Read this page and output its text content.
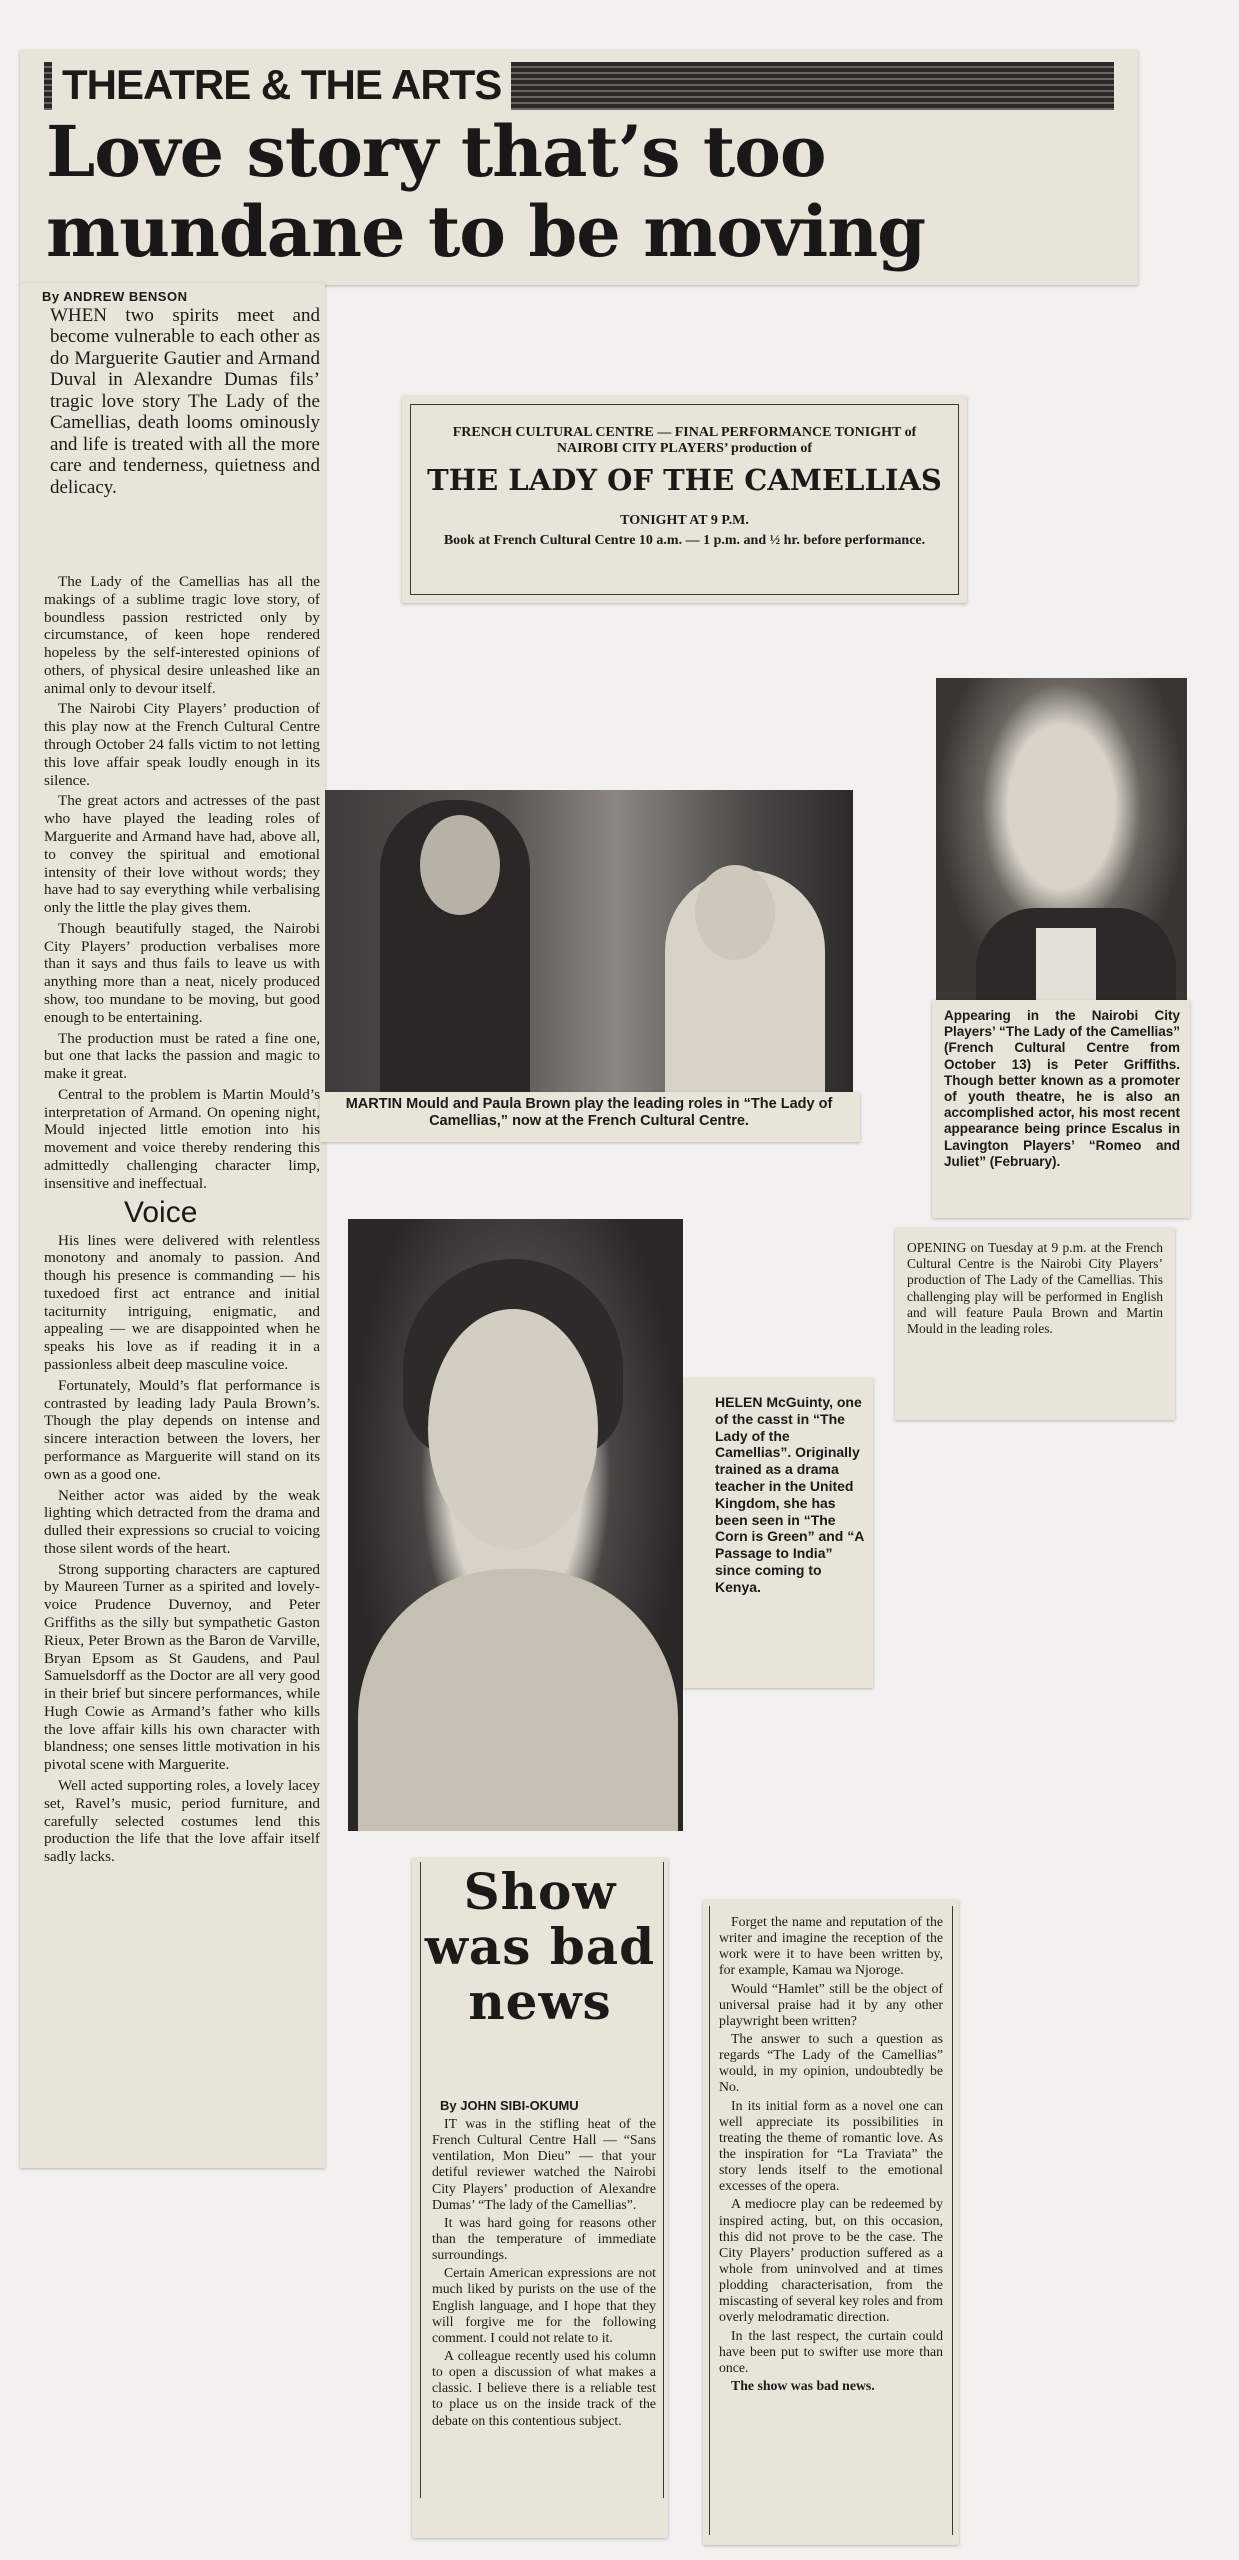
THEATRE & THE ARTS
Love story that’s too mundane to be moving
By ANDREW BENSON
WHEN two spirits meet and become vulnerable to each other as do Marguerite Gautier and Armand Duval in Alexandre Dumas fils’ tragic love story The Lady of the Camellias, death looms ominously and life is treated with all the more care and tenderness, quietness and delicacy.

The Lady of the Camellias has all the makings of a sublime tragic love story, of boundless passion restricted only by circumstance, of keen hope rendered hopeless by the self-interested opinions of others, of physical desire unleashed like an animal only to devour itself.

The Nairobi City Players’ production of this play now at the French Cultural Centre through October 24 falls victim to not letting this love affair speak loudly enough in its silence.

The great actors and actresses of the past who have played the leading roles of Marguerite and Armand have had, above all, to convey the spiritual and emotional intensity of their love without words; they have had to say everything while verbalising only the little the play gives them.

Though beautifully staged, the Nairobi City Players’ production verbalises more than it says and thus fails to leave us with anything more than a neat, nicely produced show, too mundane to be moving, but good enough to be entertaining.

The production must be rated a fine one, but one that lacks the passion and magic to make it great.

Central to the problem is Martin Mould’s interpretation of Armand. On opening night, Mould injected little emotion into his movement and voice thereby rendering this admittedly challenging character limp, insensitive and ineffectual.

Voice

His lines were delivered with relentless monotony and anomaly to passion. And though his presence is commanding — his tuxedoed first act entrance and initial taciturnity intriguing, enigmatic, and appealing — we are disappointed when he speaks his love as if reading it in a passionless albeit deep masculine voice.

Fortunately, Mould’s flat performance is contrasted by leading lady Paula Brown’s. Though the play depends on intense and sincere interaction between the lovers, her performance as Marguerite will stand on its own as a good one.

Neither actor was aided by the weak lighting which detracted from the drama and dulled their expressions so crucial to voicing those silent words of the heart.

Strong supporting characters are captured by Maureen Turner as a spirited and lovely-voice Prudence Duvernoy, and Peter Griffiths as the silly but sympathetic Gaston Rieux, Peter Brown as the Baron de Varville, Bryan Epsom as St Gaudens, and Paul Samuelsdorff as the Doctor are all very good in their brief but sincere performances, while Hugh Cowie as Armand’s father who kills the love affair kills his own character with blandness; one senses little motivation in his pivotal scene with Marguerite.

Well acted supporting roles, a lovely lacey set, Ravel’s music, period furniture, and carefully selected costumes lend this production the life that the love affair itself sadly lacks.

FRENCH CULTURAL CENTRE — FINAL PERFORMANCE TONIGHT of NAIROBI CITY PLAYERS’ production of
THE LADY OF THE CAMELLIAS
TONIGHT AT 9 P.M.
Book at French Cultural Centre 10 a.m. — 1 p.m. and ½ hr. before performance.
MARTIN Mould and Paula Brown play the leading roles in “The Lady of Camellias,” now at the French Cultural Centre.
Appearing in the Nairobi City Players’ “The Lady of the Camellias” (French Cultural Centre from October 13) is Peter Griffiths. Though better known as a promoter of youth theatre, he is also an accomplished actor, his most recent appearance being prince Escalus in Lavington Players’ “Romeo and Juliet” (February).
OPENING on Tuesday at 9 p.m. at the French Cultural Centre is the Nairobi City Players’ production of The Lady of the Camellias. This challenging play will be performed in English and will feature Paula Brown and Martin Mould in the leading roles.
HELEN McGuinty, one of the casst in “The Lady of the Camellias”. Originally trained as a drama teacher in the United Kingdom, she has been seen in “The Corn is Green” and “A Passage to India” since coming to Kenya.
Show was bad news
By JOHN SIBI-OKUMU

IT was in the stifling heat of the French Cultural Centre Hall — “Sans ventilation, Mon Dieu” — that your detiful reviewer watched the Nairobi City Players’ production of Alexandre Dumas’ “The lady of the Camellias”.

It was hard going for reasons other than the temperature of immediate surroundings.

Certain American expressions are not much liked by purists on the use of the English language, and I hope that they will forgive me for the following comment. I could not relate to it.

A colleague recently used his column to open a discussion of what makes a classic. I believe there is a reliable test to place us on the inside track of the debate on this contentious subject.

Forget the name and reputation of the writer and imagine the reception of the work were it to have been written by, for example, Kamau wa Njoroge.

Would “Hamlet” still be the object of universal praise had it by any other playwright been written?

The answer to such a question as regards “The Lady of the Camellias” would, in my opinion, undoubtedly be No.

In its initial form as a novel one can well appreciate its possibilities in treating the theme of romantic love. As the inspiration for “La Traviata” the story lends itself to the emotional excesses of the opera.

A mediocre play can be redeemed by inspired acting, but, on this occasion, this did not prove to be the case. The City Players’ production suffered as a whole from uninvolved and at times plodding characterisation, from the miscasting of several key roles and from overly melodramatic direction.

In the last respect, the curtain could have been put to swifter use more than once.

The show was bad news.
